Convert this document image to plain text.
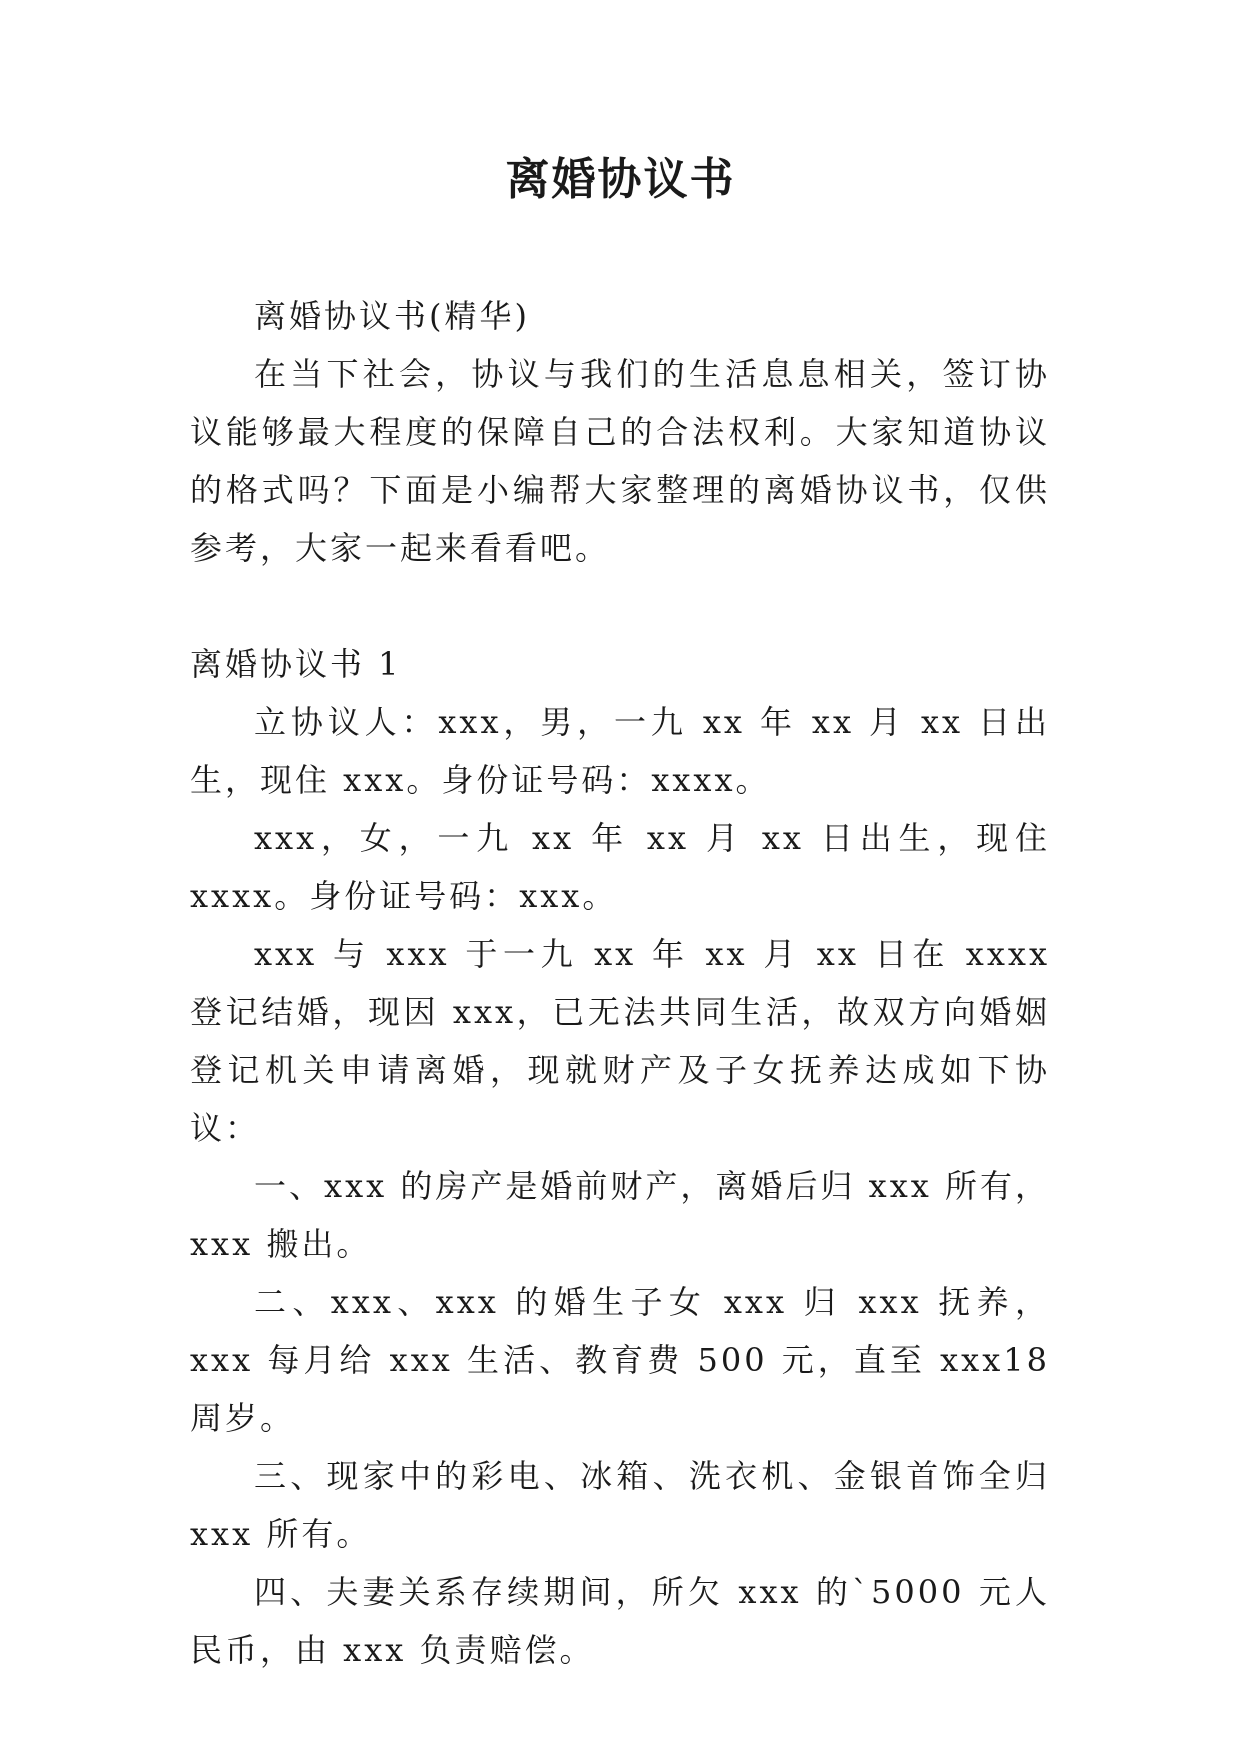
离婚协议书

离婚协议书(精华)

在当下社会，协议与我们的生活息息相关，签订协议能够最大程度的保障自己的合法权利。大家知道协议的格式吗？下面是小编帮大家整理的离婚协议书，仅供参考，大家一起来看看吧。

离婚协议书 1

立协议人：xxx，男，一九 xx 年 xx 月 xx 日出生，现住 xxx。身份证号码：xxxx。

xxx，女，一九 xx 年 xx 月 xx 日出生，现住 xxxx。身份证号码：xxx。

xxx 与 xxx 于一九 xx 年 xx 月 xx 日在 xxxx 登记结婚，现因 xxx，已无法共同生活，故双方向婚姻登记机关申请离婚，现就财产及子女抚养达成如下协议：

一、xxx 的房产是婚前财产，离婚后归 xxx 所有，xxx 搬出。

二、xxx、xxx 的婚生子女 xxx 归 xxx 抚养，xxx 每月给 xxx 生活、教育费 500 元，直至 xxx18 周岁。

三、现家中的彩电、冰箱、洗衣机、金银首饰全归 xxx 所有。

四、夫妻关系存续期间，所欠 xxx 的`5000 元人民币，由 xxx 负责赔偿。
